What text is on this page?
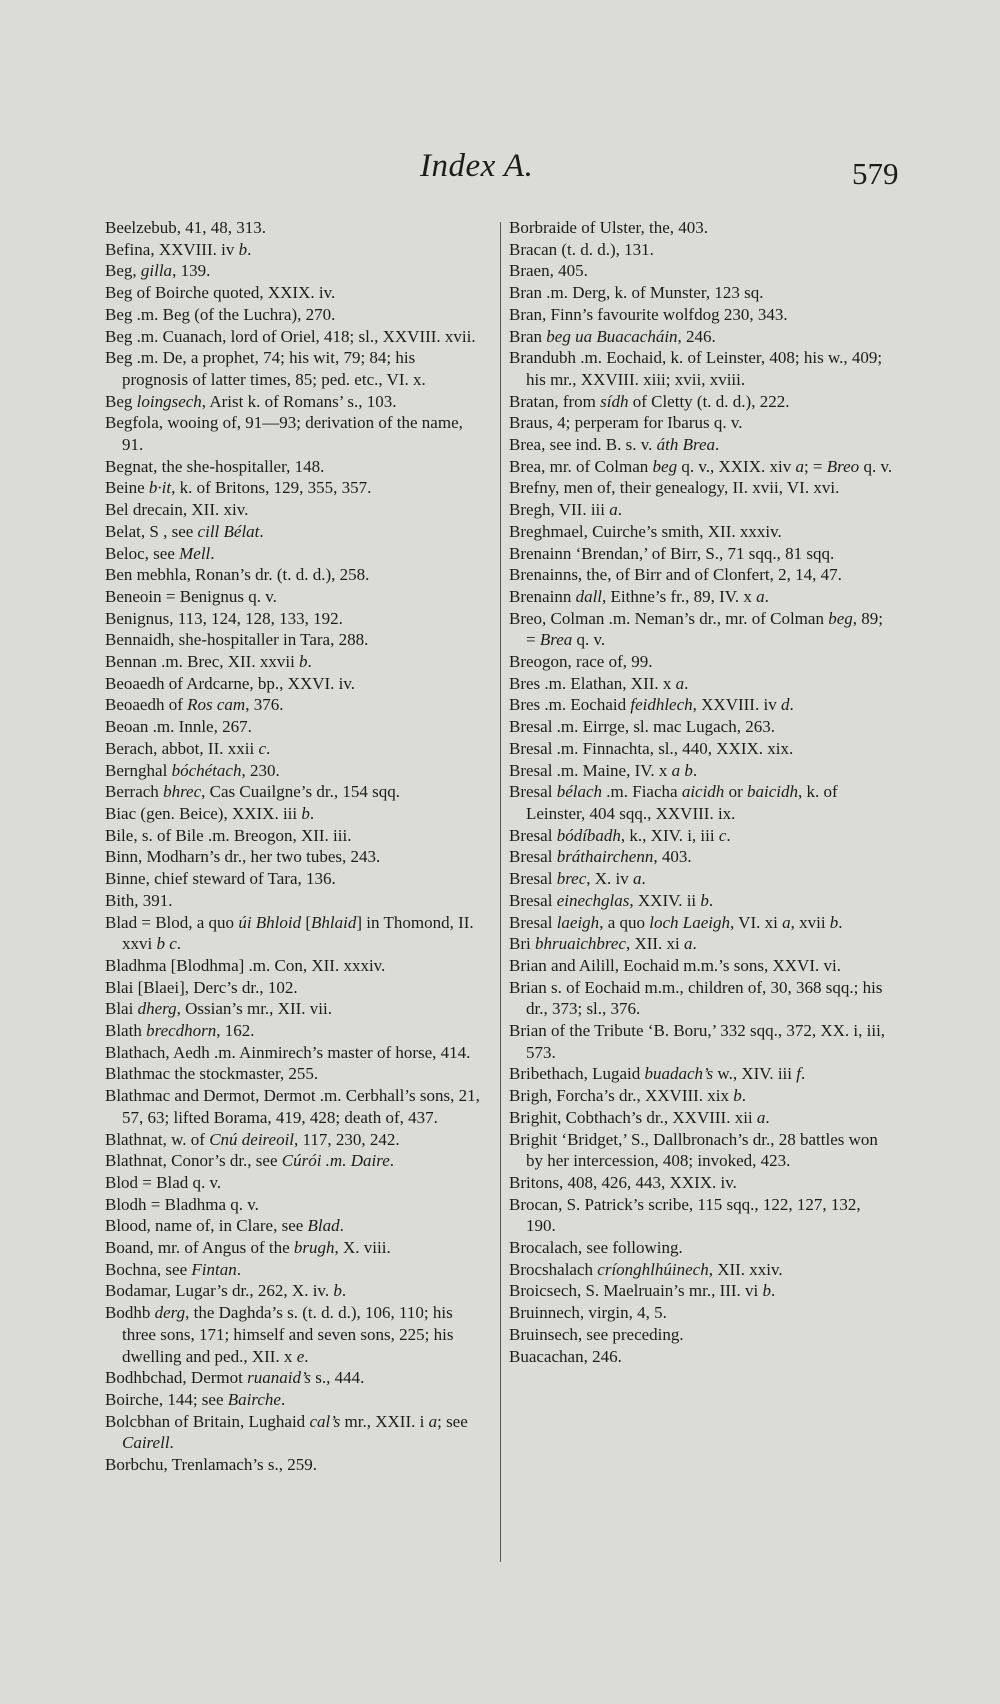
Index A.	579
Beelzebub, 41, 48, 313.
Befina, XXVIII. iv b.
Beg, gilla, 139.
Beg of Boirche quoted, XXIX. iv.
Beg .m. Beg (of the Luchra), 270.
Beg .m. Cuanach, lord of Oriel, 418; sl., XXVIII. xvii.
Beg .m. De, a prophet, 74; his wit, 79; 84; his prognosis of latter times, 85; ped. etc., VI. x.
Beg loingsech, Arist k. of Romans’ s., 103.
Begfola, wooing of, 91—93; derivation of the name, 91.
Begnat, the she-hospitaller, 148.
Beine b·it, k. of Britons, 129, 355, 357.
Bel drecain, XII. xiv.
Belat, S , see cill Bélat.
Beloc, see Mell.
Ben mebhla, Ronan’s dr. (t. d. d.), 258.
Beneoin = Benignus q. v.
Benignus, 113, 124, 128, 133, 192.
Bennaidh, she-hospitaller in Tara, 288.
Bennan .m. Brec, XII. xxvii b.
Beoaedh of Ardcarne, bp., XXVI. iv.
Beoaedh of Ros cam, 376.
Beoan .m. Innle, 267.
Berach, abbot, II. xxii c.
Bernghal bóchétach, 230.
Berrach bhrec, Cas Cuailgne’s dr., 154 sqq.
Biac (gen. Beice), XXIX. iii b.
Bile, s. of Bile .m. Breogon, XII. iii.
Binn, Modharn’s dr., her two tubes, 243.
Binne, chief steward of Tara, 136.
Bith, 391.
Blad = Blod, a quo úi Bhloid [Bhlaid] in Thomond, II. xxvi b c.
Bladhma [Blodhma] .m. Con, XII. xxxiv.
Blai [Blaei], Derc’s dr., 102.
Blai dherg, Ossian’s mr., XII. vii.
Blath brecdhorn, 162.
Blathach, Aedh .m. Ainmirech’s master of horse, 414.
Blathmac the stockmaster, 255.
Blathmac and Dermot, Dermot .m. Cerbhall’s sons, 21, 57, 63; lifted Borama, 419, 428; death of, 437.
Blathnat, w. of Cnú deireoil, 117, 230, 242.
Blathnat, Conor’s dr., see Cúrói .m. Daire.
Blod = Blad q. v.
Blodh = Bladhma q. v.
Blood, name of, in Clare, see Blad.
Boand, mr. of Angus of the brugh, X. viii.
Bochna, see Fintan.
Bodamar, Lugar’s dr., 262, X. iv. b.
Bodhb derg, the Daghda’s s. (t. d. d.), 106, 110; his three sons, 171; himself and seven sons, 225; his dwelling and ped., XII. x e.
Bodhbchad, Dermot ruanaid’s s., 444.
Boirche, 144; see Bairche.
Bolcbhan of Britain, Lughaid cal’s mr., XXII. i a; see Cairell.
Borbchu, Trenlamach’s s., 259.
Borbraide of Ulster, the, 403.
Bracan (t. d. d.), 131.
Braen, 405.
Bran .m. Derg, k. of Munster, 123 sq.
Bran, Finn’s favourite wolfdog 230, 343.
Bran beg ua Buacacháin, 246.
Brandubh .m. Eochaid, k. of Leinster, 408; his w., 409; his mr., XXVIII. xiii; xvii, xviii.
Bratan, from sídh of Cletty (t. d. d.), 222.
Braus, 4; perperam for Ibarus q. v.
Brea, see ind. B. s. v. áth Brea.
Brea, mr. of Colman beg q. v., XXIX. xiv a; = Breo q. v.
Brefny, men of, their genealogy, II. xvii, VI. xvi.
Bregh, VII. iii a.
Breghmael, Cuirche’s smith, XII. xxxiv.
Brenainn ‘Brendan,’ of Birr, S., 71 sqq., 81 sqq.
Brenainns, the, of Birr and of Clonfert, 2, 14, 47.
Brenainn dall, Eithne’s fr., 89, IV. x a.
Breo, Colman .m. Neman’s dr., mr. of Colman beg, 89; = Brea q. v.
Breogon, race of, 99.
Bres .m. Elathan, XII. x a.
Bres .m. Eochaid feidhlech, XXVIII. iv d.
Bresal .m. Eirrge, sl. mac Lugach, 263.
Bresal .m. Finnachta, sl., 440, XXIX. xix.
Bresal .m. Maine, IV. x a b.
Bresal bélach .m. Fiacha aicidh or baicidh, k. of Leinster, 404 sqq., XXVIII. ix.
Bresal bódíbadh, k., XIV. i, iii c.
Bresal bráthairchenn, 403.
Bresal brec, X. iv a.
Bresal einechglas, XXIV. ii b.
Bresal laeigh, a quo loch Laeigh, VI. xi a, xvii b.
Bri bhruaichbrec, XII. xi a.
Brian and Ailill, Eochaid m.m.’s sons, XXVI. vi.
Brian s. of Eochaid m.m., children of, 30, 368 sqq.; his dr., 373; sl., 376.
Brian of the Tribute ‘B. Boru,’ 332 sqq., 372, XX. i, iii, 573.
Bribethach, Lugaid buadach’s w., XIV. iii f.
Brigh, Forcha’s dr., XXVIII. xix b.
Brighit, Cobthach’s dr., XXVIII. xii a.
Brighit ‘Bridget,’ S., Dallbronach’s dr., 28 battles won by her intercession, 408; invoked, 423.
Britons, 408, 426, 443, XXIX. iv.
Brocan, S. Patrick’s scribe, 115 sqq., 122, 127, 132, 190.
Brocalach, see following.
Brocshalach críonghlhúinech, XII. xxiv.
Broicsech, S. Maelruain’s mr., III. vi b.
Bruinnech, virgin, 4, 5.
Bruinsech, see preceding.
Buacachan, 246.
